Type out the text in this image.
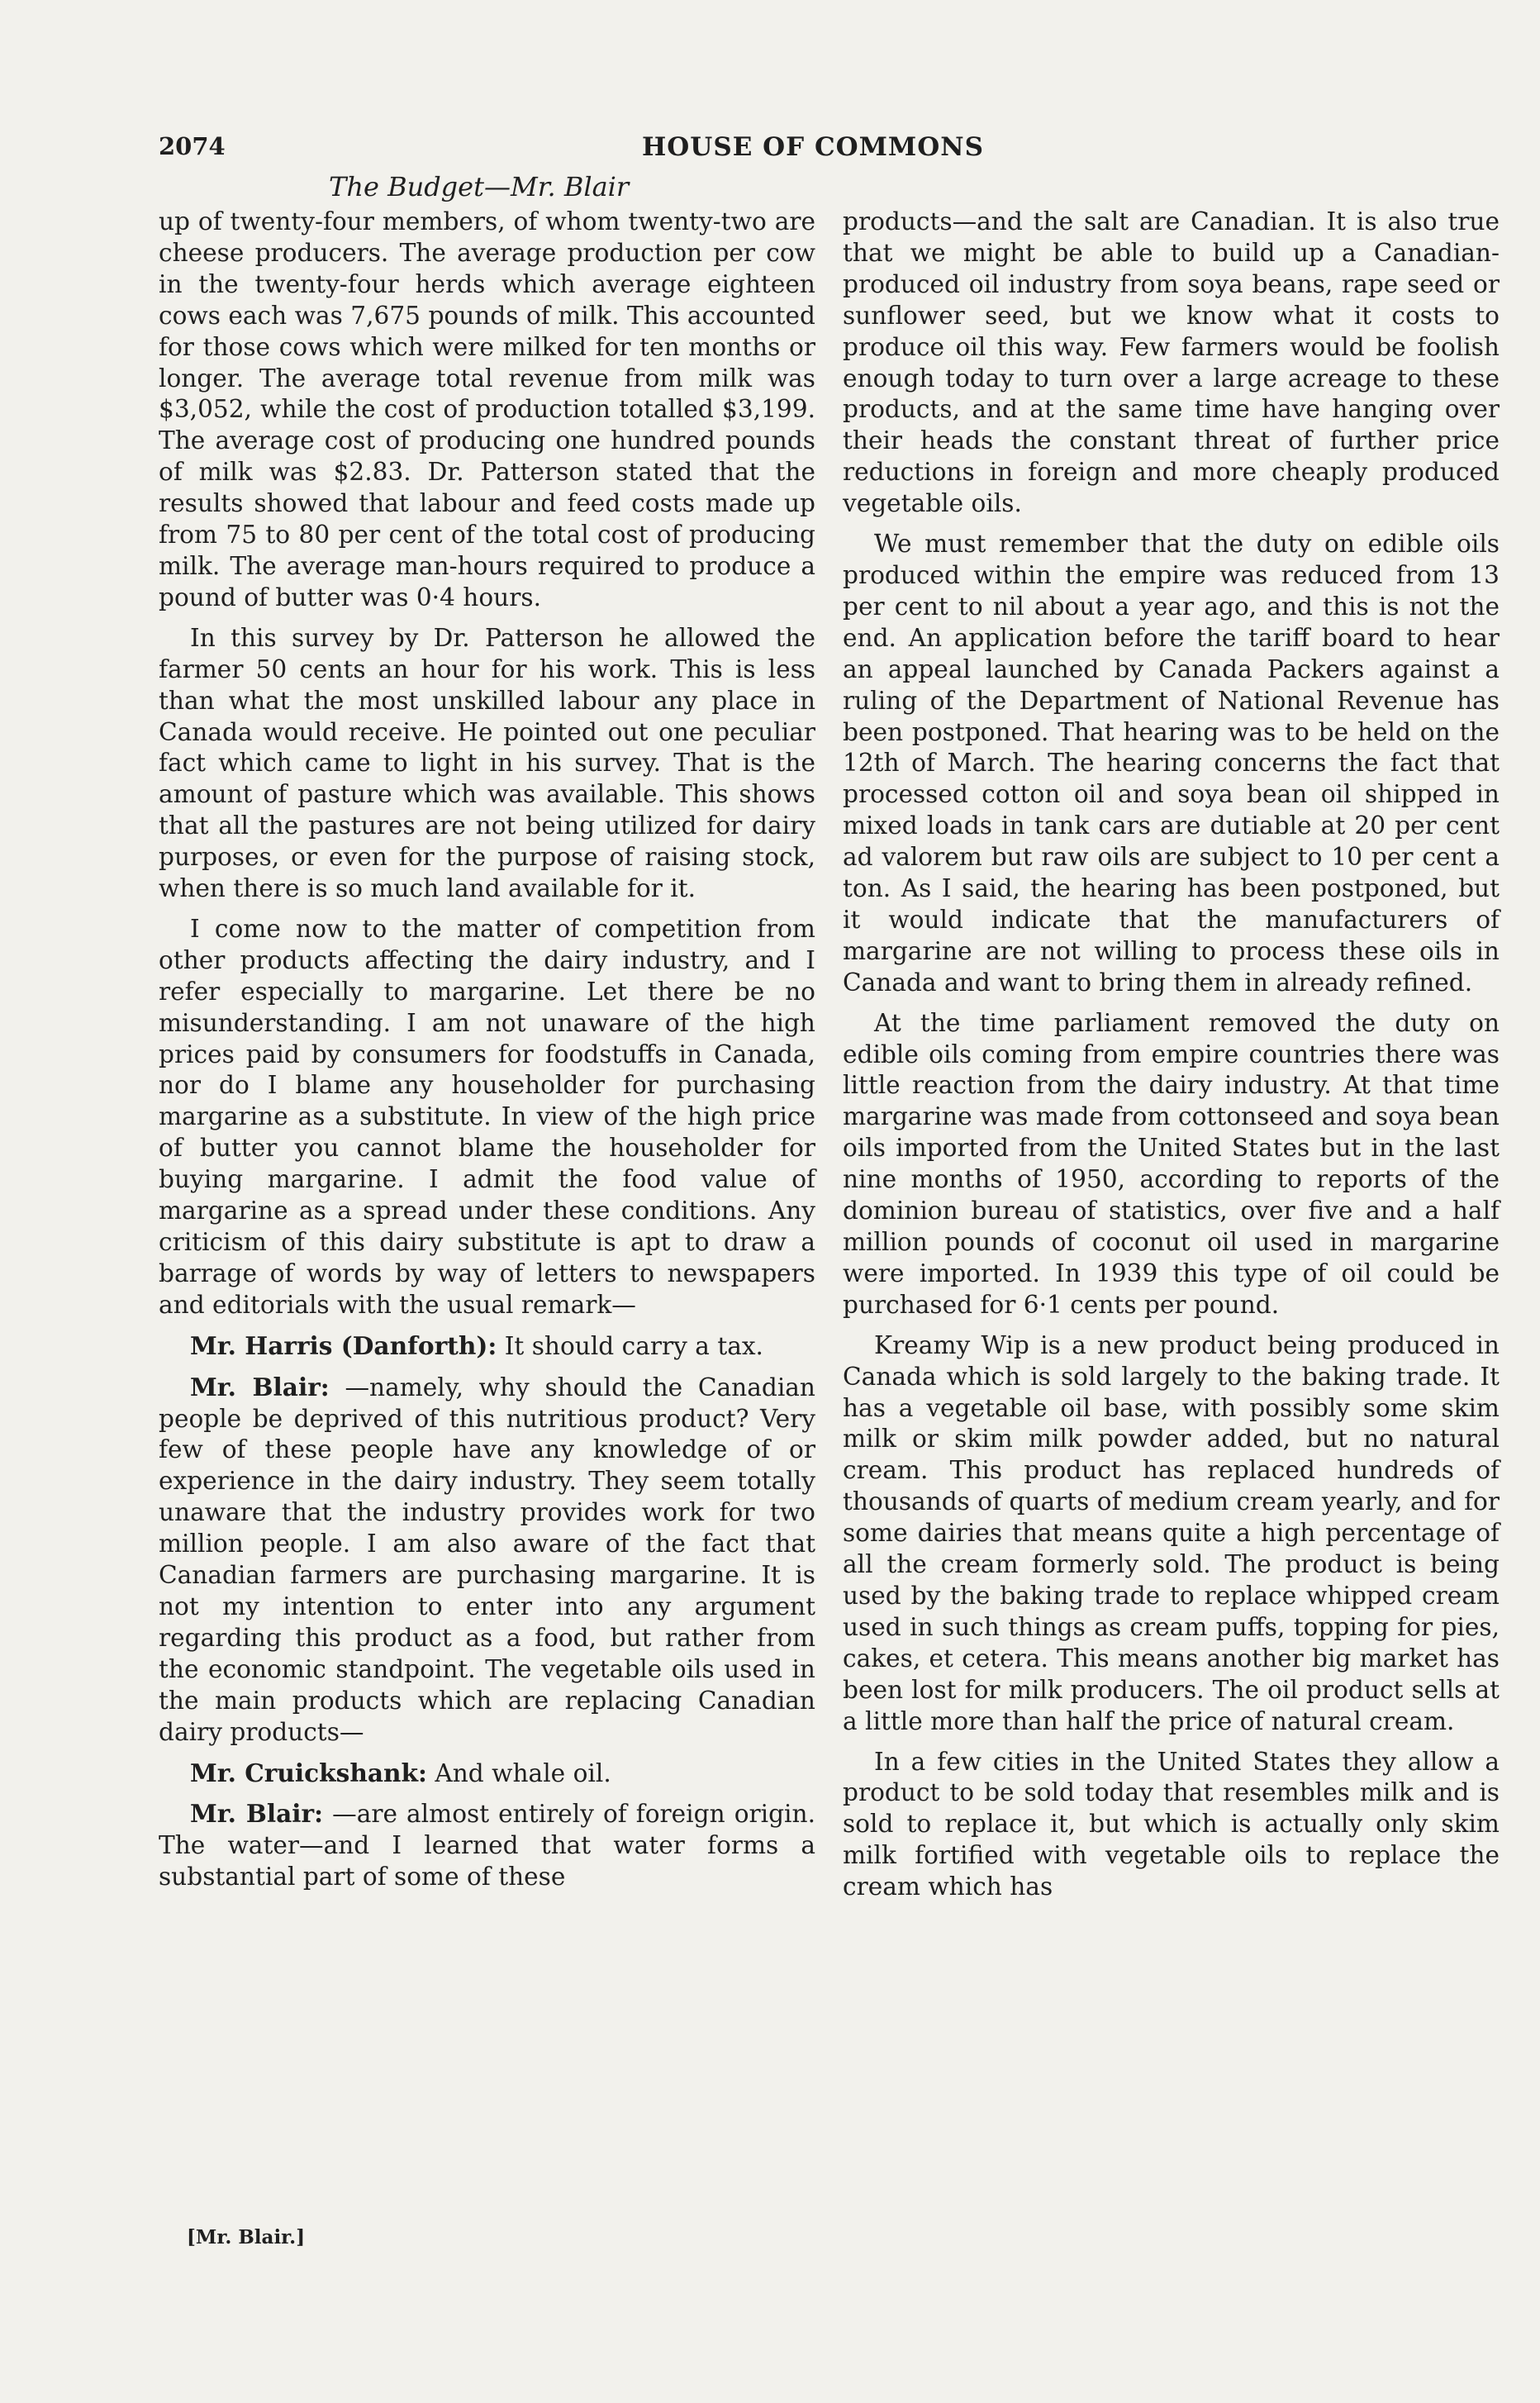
2074	HOUSE OF COMMONS
The Budget—Mr. Blair

up of twenty-four members, of whom twenty-two are cheese producers. The average production per cow in the twenty-four herds which average eighteen cows each was 7,675 pounds of milk. This accounted for those cows which were milked for ten months or longer. The average total revenue from milk was $3,052, while the cost of production totalled $3,199. The average cost of producing one hundred pounds of milk was $2.83. Dr. Patterson stated that the results showed that labour and feed costs made up from 75 to 80 per cent of the total cost of producing milk. The average man-hours required to produce a pound of butter was 0·4 hours.

In this survey by Dr. Patterson he allowed the farmer 50 cents an hour for his work. This is less than what the most unskilled labour any place in Canada would receive. He pointed out one peculiar fact which came to light in his survey. That is the amount of pasture which was available. This shows that all the pastures are not being utilized for dairy purposes, or even for the purpose of raising stock, when there is so much land available for it.

I come now to the matter of competition from other products affecting the dairy industry, and I refer especially to margarine. Let there be no misunderstanding. I am not unaware of the high prices paid by consumers for foodstuffs in Canada, nor do I blame any householder for purchasing margarine as a substitute. In view of the high price of butter you cannot blame the householder for buying margarine. I admit the food value of margarine as a spread under these conditions. Any criticism of this dairy substitute is apt to draw a barrage of words by way of letters to newspapers and editorials with the usual remark—

Mr. Harris (Danforth): It should carry a tax.

Mr. Blair: —namely, why should the Canadian people be deprived of this nutritious product? Very few of these people have any knowledge of or experience in the dairy industry. They seem totally unaware that the industry provides work for two million people. I am also aware of the fact that Canadian farmers are purchasing margarine. It is not my intention to enter into any argument regarding this product as a food, but rather from the economic standpoint. The vegetable oils used in the main products which are replacing Canadian dairy products—

Mr. Cruickshank: And whale oil.

Mr. Blair: —are almost entirely of foreign origin. The water—and I learned that water forms a substantial part of some of these

products—and the salt are Canadian. It is also true that we might be able to build up a Canadian-produced oil industry from soya beans, rape seed or sunflower seed, but we know what it costs to produce oil this way. Few farmers would be foolish enough today to turn over a large acreage to these products, and at the same time have hanging over their heads the constant threat of further price reductions in foreign and more cheaply produced vegetable oils.

We must remember that the duty on edible oils produced within the empire was reduced from 13 per cent to nil about a year ago, and this is not the end. An application before the tariff board to hear an appeal launched by Canada Packers against a ruling of the Department of National Revenue has been postponed. That hearing was to be held on the 12th of March. The hearing concerns the fact that processed cotton oil and soya bean oil shipped in mixed loads in tank cars are dutiable at 20 per cent ad valorem but raw oils are subject to 10 per cent a ton. As I said, the hearing has been postponed, but it would indicate that the manufacturers of margarine are not willing to process these oils in Canada and want to bring them in already refined.

At the time parliament removed the duty on edible oils coming from empire countries there was little reaction from the dairy industry. At that time margarine was made from cottonseed and soya bean oils imported from the United States but in the last nine months of 1950, according to reports of the dominion bureau of statistics, over five and a half million pounds of coconut oil used in margarine were imported. In 1939 this type of oil could be purchased for 6·1 cents per pound.

Kreamy Wip is a new product being produced in Canada which is sold largely to the baking trade. It has a vegetable oil base, with possibly some skim milk or skim milk powder added, but no natural cream. This product has replaced hundreds of thousands of quarts of medium cream yearly, and for some dairies that means quite a high percentage of all the cream formerly sold. The product is being used by the baking trade to replace whipped cream used in such things as cream puffs, topping for pies, cakes, et cetera. This means another big market has been lost for milk producers. The oil product sells at a little more than half the price of natural cream.

In a few cities in the United States they allow a product to be sold today that resembles milk and is sold to replace it, but which is actually only skim milk fortified with vegetable oils to replace the cream which has

[Mr. Blair.]
